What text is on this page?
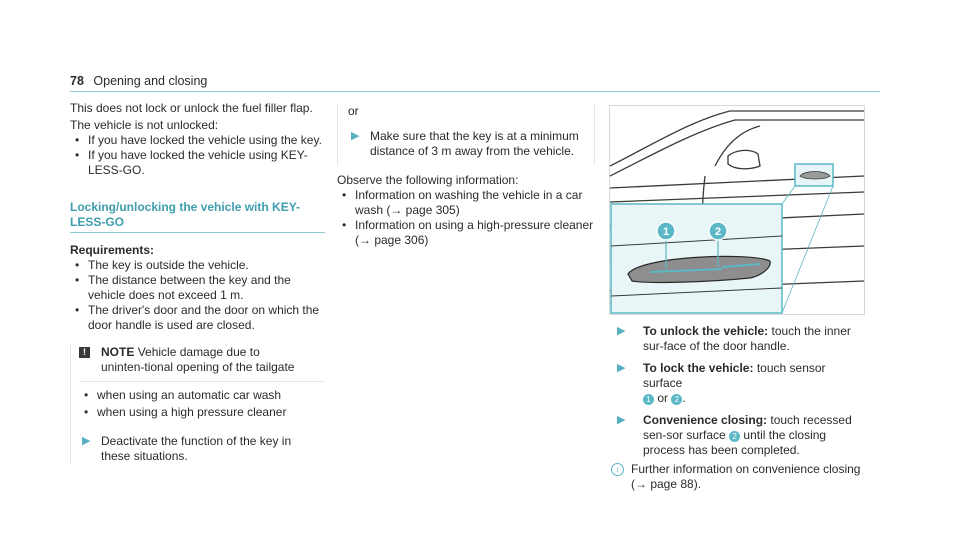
78 Opening and closing

This does not lock or unlock the fuel filler flap.

The vehicle is not unlocked:

• If you have locked the vehicle using the key.

• If you have locked the vehicle using KEY-LESS-GO.

Locking/unlocking the vehicle with KEY-
LESS-GO

Requirements:

• The key is outside the vehicle.

• The distance between the key and the vehicle does not exceed 1 m.

• The driver's door and the door on which the door handle is used are closed.

!	NOTE Vehicle damage due to uninten-tional opening of the tailgate

• when using an automatic car wash

• when using a high pressure cleaner

▶ Deactivate the function of the key in these situations.

or

▶ Make sure that the key is at a minimum distance of 3 m away from the vehicle.

Observe the following information:

• Information on washing the vehicle in a car wash (→ page 305)

• Information on using a high-pressure cleaner (→ page 306)

1	2
▶ To unlock the vehicle: touch the inner sur-face of the door handle.
▶ To lock the vehicle: touch sensor surface
1 or 2 .
▶ Convenience closing: touch recessed sen-sor surface 2 until the closing process has been completed.
i	Further information on convenience closing (→ page 88).
